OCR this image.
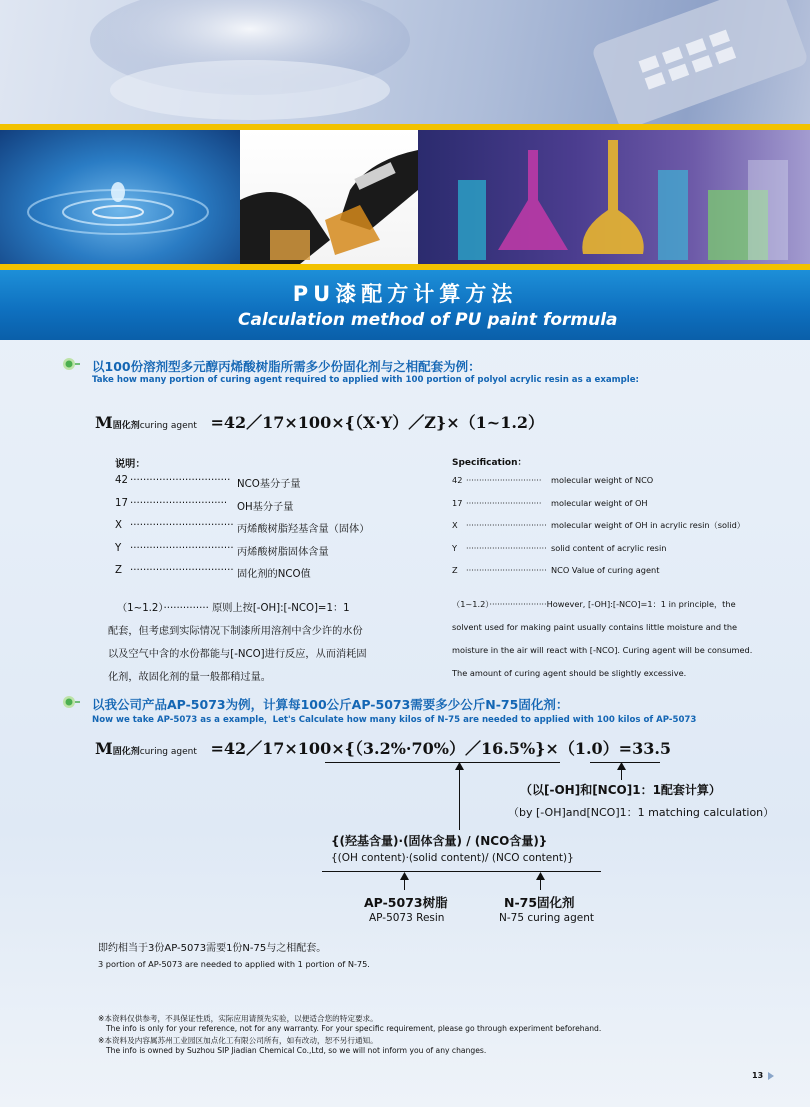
PU漆配方计算方法
Calculation method of PU paint formula
以100份溶剂型多元醇丙烯酸树脂所需多少份固化剂与之相配套为例：
Take how many portion of curing agent required to applied with 100 portion of polyol acrylic resin as a example:
M固化剂curing agent =42／17×100×{（X·Y）／Z}×（1~1.2）
说明：	Specification：
42 ······························· NCO基分子量
17 ······························ OH基分子量
X ································ 丙烯酸树脂羟基含量（固体）
Y ································ 丙烯酸树脂固体含量
Z ································ 固化剂的NCO值
42 ····························· molecular weight of NCO
17 ····························· molecular weight of OH
X ······························· molecular weight of OH in acrylic resin（solid）
Y ······························· solid content of acrylic resin
Z ······························· NCO Value of curing agent
（1~1.2）·············· 原则上按[-OH]:[-NCO]=1：1
配套，但考虑到实际情况下制漆所用溶剂中含少许的水份
以及空气中含的水份都能与[-NCO]进行反应，从而消耗固
化剂，故固化剂的量一般都稍过量。
（1~1.2）······················However, [-OH]:[-NCO]=1：1 in principle，the
solvent used for making paint usually contains little moisture and the
moisture in the air will react with [-NCO]. Curing agent will be consumed.
The amount of curing agent should be slightly excessive.
以我公司产品AP-5073为例，计算每100公斤AP-5073需要多少公斤N-75固化剂：
Now we take AP-5073 as a example，Let's Calculate how many kilos of N-75 are needed to applied with 100 kilos of AP-5073
M固化剂curing agent =42／17×100×{（3.2%·70%）／16.5%}×（1.0）=33.5
（以[-OH]和[NCO]1：1配套计算）
（by [-OH]and[NCO]1：1 matching calculation）
{(羟基含量)·(固体含量) / (NCO含量)}
{(OH content)·(solid content)/ (NCO content)}
AP-5073树脂
AP-5073 Resin
N-75固化剂
N-75 curing agent
即约相当于3份AP-5073需要1份N-75与之相配套。
3 portion of AP-5073 are needed to applied with 1 portion of N-75.
※本资料仅供参考，不具保证性质，实际应用请预先实验，以便适合您的特定要求。
The info is only for your reference, not for any warranty. For your specific requirement, please go through experiment beforehand.
※本资料及内容属苏州工业园区加点化工有限公司所有，如有改动，恕不另行通知。
The info is owned by Suzhou SIP Jiadian Chemical Co.,Ltd, so we will not inform you of any changes.
13
